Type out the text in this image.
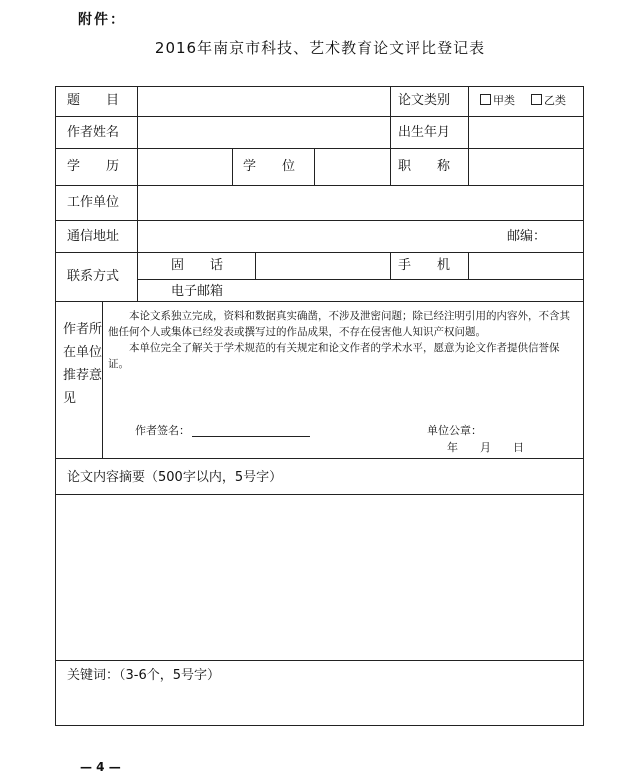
附件：
2016年南京市科技、艺术教育论文评比登记表
题　　目	论文类别	甲类	乙类
作者姓名	出生年月
学　　历	学　　位	职　　称
工作单位
通信地址	邮编：
联系方式
固　　话	手　　机
电子邮箱
作者所在单位推荐意见

本论文系独立完成，资料和数据真实确凿，不涉及泄密问题；除已经注明引用的内容外，不含其他任何个人或集体已经发表或撰写过的作品成果，不存在侵害他人知识产权问题。

本单位完全了解关于学术规范的有关规定和论文作者的学术水平，愿意为论文作者提供信誉保证。

作者签名：	单位公章：
年　　月　　日
论文内容摘要（500字以内，5号字）
关键词：（3-6个，5号字）
— 4 —
